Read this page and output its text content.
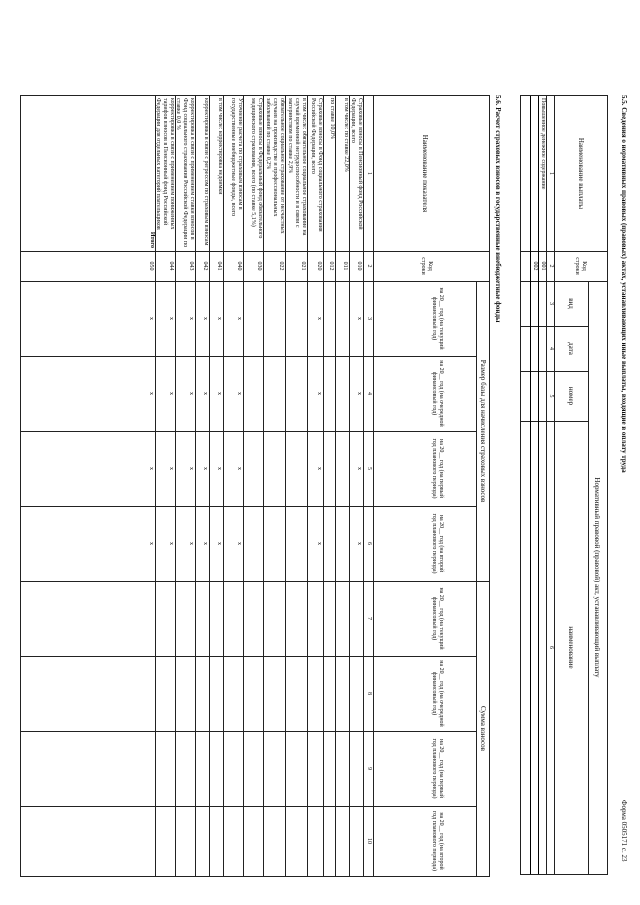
Форма 0505171 с. 23
5.5. Сведения о нормативных правовых (правовых) актах, устанавливающих иные выплаты, входящие в оплату труда
Наименование выплаты
Код строки
Нормативный правовой (правовой) акт, устанавливающий выплату
вид
дата
номер
наименование
1
2
3
4
5
6
Повышенное денежное содержание
001
002
5.6. Расчет страховых взносов в государственные внебюджетные фонды
Наименование показателя
Код строки
Размер базы для начисления страховых взносов
Сумма взносов
на 20__ год (на текущий финансовый год)
на 20__ год (на очередной финансовый год)
на 20__ год (на первый год планового периода)
на 20__ год (на второй год планового периода)
на 20__ год (на текущий финансовый год)
на 20__ год (на очередной финансовый год)
на 20__ год (на первый год планового периода)
на 20__ год (на второй год планового периода)
1
2
3
4
5
6
7
8
9
10
Страховые взносы в Пенсионный фонд Российской Федерации, всего
010
x
x
x
x
в том числе: по ставке 22,0%
011
по ставке 10,0%
012
Страховые взносы в Фонд социального страхования Российской Федерации, всего
020
x
x
x
x
в том числе: обязательное социальное страхование на случай временной нетрудоспособности и в связи с материнством по ставке 2,9%
021
обязательное социальное страхование от несчастных случаев на производстве и профессиональных заболеваний по ставке 0,2%
022
Страховые взносы в Федеральный фонд обязательного медицинского страхования, всего (по ставке 5,1%)
030
Уточнение расчета по страховым взносам в государственные внебюджетные фонды, всего
040
x
x
x
x
в том числе: корректировка недоимки
041
x
x
x
x
корректировка в связи с регрессом по страховым взносам
042
x
x
x
x
корректировка в связи с применением ставки взносов в Фонд социального страхования Российской Федерации по ставке 0,0 %
043
x
x
x
x
корректировка в связи с применением пониженных тарифов взносов в Пенсионный фонд Российской Федерации для отдельных категорий плательщиков
044
x
x
x
x
Итого
050
x
x
x
x
